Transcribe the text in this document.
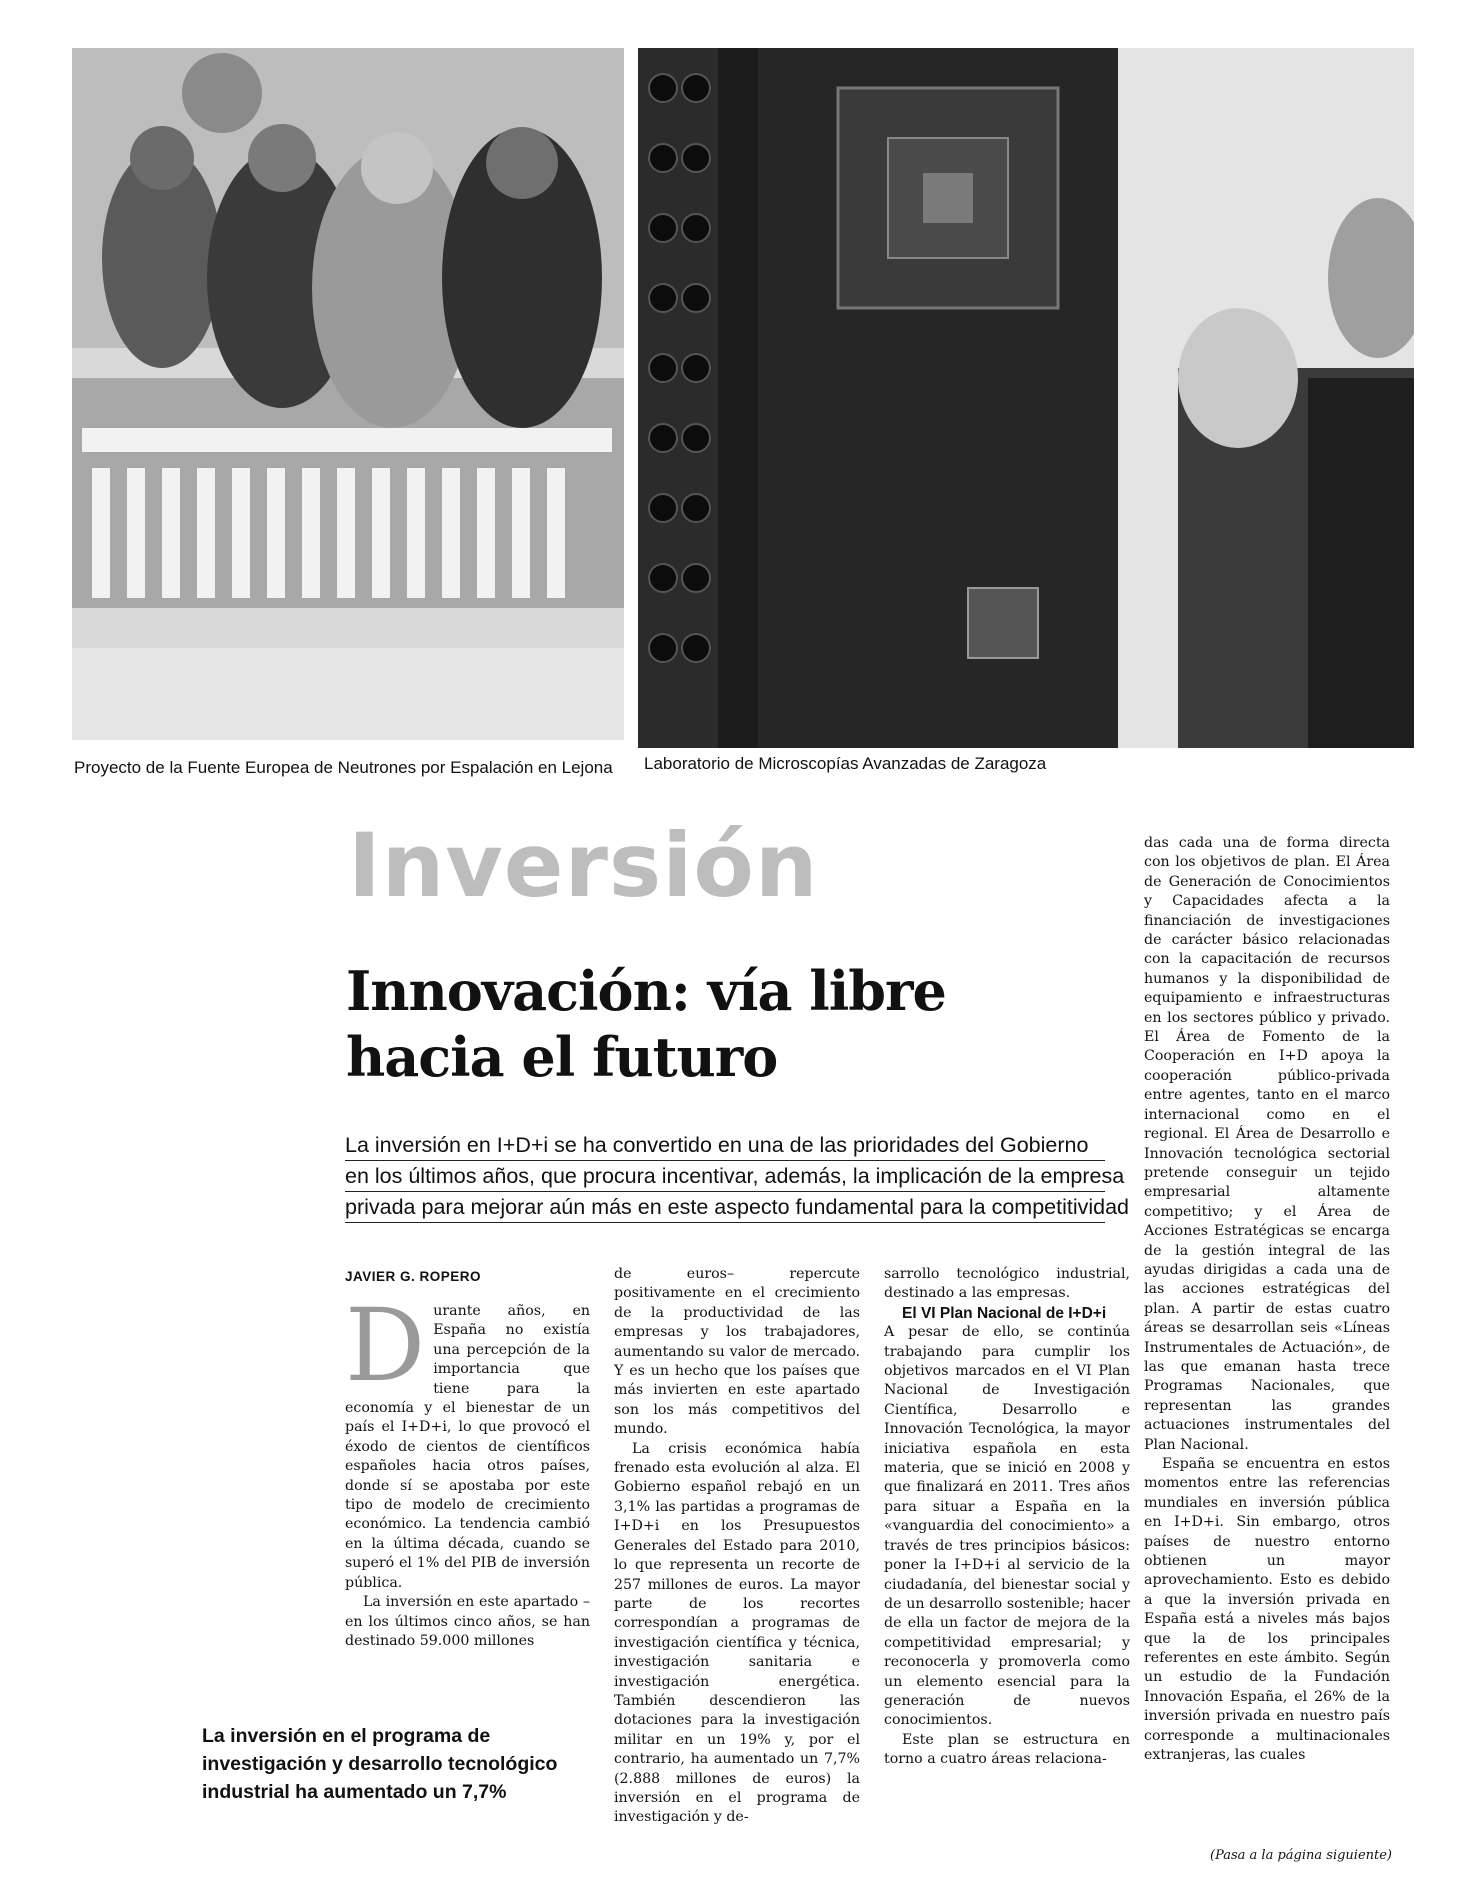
Proyecto de la Fuente Europea de Neutrones por Espalación en Lejona Laboratorio de Microscopías Avanzadas de Zaragoza
Inversión
Innovación: vía libre hacia el futuro
La inversión en I+D+i se ha convertido en una de las prioridades del Gobierno
en los últimos años, que procura incentivar, además, la implicación de la empresa
privada para mejorar aún más en este aspecto fundamental para la competitividad
JAVIER G. ROPERO

Durante años, en España no existía una percepción de la importancia que tiene para la economía y el bienestar de un país el I+D+i, lo que provocó el éxodo de cientos de científicos españoles hacia otros países, donde sí se apostaba por este tipo de modelo de crecimiento económico. La tendencia cambió en la última década, cuando se superó el 1% del PIB de inversión pública.

La inversión en este apartado –en los últimos cinco años, se han destinado 59.000 millones

de euros– repercute positivamente en el crecimiento de la productividad de las empresas y los trabajadores, aumentando su valor de mercado. Y es un hecho que los países que más invierten en este apartado son los más competitivos del mundo.

La crisis económica había frenado esta evolución al alza. El Gobierno español rebajó en un 3,1% las partidas a programas de I+D+i en los Presupuestos Generales del Estado para 2010, lo que representa un recorte de 257 millones de euros. La mayor parte de los recortes correspondían a programas de investigación científica y técnica, investigación sanitaria e investigación energética. También descendieron las dotaciones para la investigación militar en un 19% y, por el contrario, ha aumentado un 7,7% (2.888 millones de euros) la inversión en el programa de investigación y de-

sarrollo tecnológico industrial, destinado a las empresas.

El VI Plan Nacional de I+D+i

A pesar de ello, se continúa trabajando para cumplir los objetivos marcados en el VI Plan Nacional de Investigación Científica, Desarrollo e Innovación Tecnológica, la mayor iniciativa española en esta materia, que se inició en 2008 y que finalizará en 2011. Tres años para situar a España en la «vanguardia del conocimiento» a través de tres principios básicos: poner la I+D+i al servicio de la ciudadanía, del bienestar social y de un desarrollo sostenible; hacer de ella un factor de mejora de la competitividad empresarial; y reconocerla y promoverla como un elemento esencial para la generación de nuevos conocimientos.

Este plan se estructura en torno a cuatro áreas relaciona-

das cada una de forma directa con los objetivos de plan. El Área de Generación de Conocimientos y Capacidades afecta a la financiación de investigaciones de carácter básico relacionadas con la capacitación de recursos humanos y la disponibilidad de equipamiento e infraestructuras en los sectores público y privado. El Área de Fomento de la Cooperación en I+D apoya la cooperación público-privada entre agentes, tanto en el marco internacional como en el regional. El Área de Desarrollo e Innovación tecnológica sectorial pretende conseguir un tejido empresarial altamente competitivo; y el Área de Acciones Estratégicas se encarga de la gestión integral de las ayudas dirigidas a cada una de las acciones estratégicas del plan. A partir de estas cuatro áreas se desarrollan seis «Líneas Instrumentales de Actuación», de las que emanan hasta trece Programas Nacionales, que representan las grandes actuaciones instrumentales del Plan Nacional.

España se encuentra en estos momentos entre las referencias mundiales en inversión pública en I+D+i. Sin embargo, otros países de nuestro entorno obtienen un mayor aprovechamiento. Esto es debido a que la inversión privada en España está a niveles más bajos que la de los principales referentes en este ámbito. Según un estudio de la Fundación Innovación España, el 26% de la inversión privada en nuestro país corresponde a multinacionales extranjeras, las cuales

La inversión en el programa de investigación y desarrollo tecnológico industrial ha aumentado un 7,7%
(Pasa a la página siguiente)
